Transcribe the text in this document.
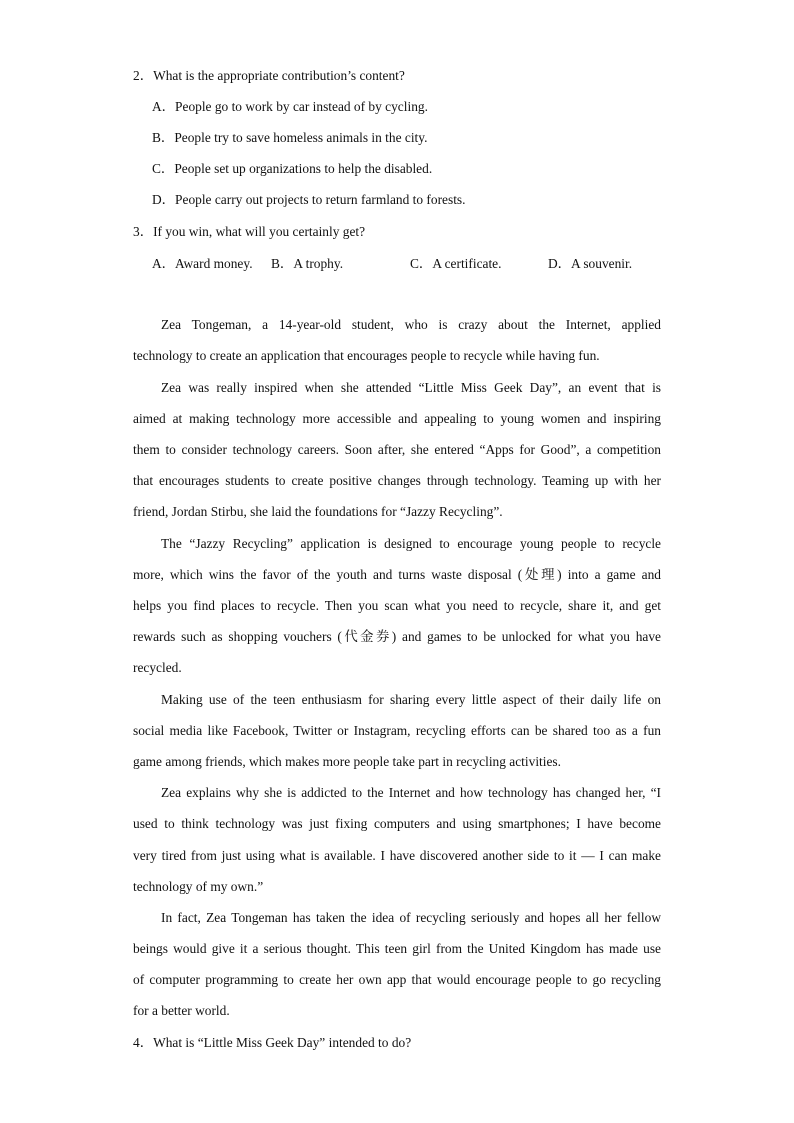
2．What is the appropriate contribution’s content?
A．People go to work by car instead of by cycling.
B．People try to save homeless animals in the city.
C．People set up organizations to help the disabled.
D．People carry out projects to return farmland to forests.
3．If you win, what will you certainly get?
A．Award money. B．A trophy.	C．A certificate.	D．A souvenir.
Zea Tongeman, a 14-year-old student, who is crazy about the Internet, applied
technology to create an application that encourages people to recycle while having fun.
Zea was really inspired when she attended “Little Miss Geek Day”, an event that is
aimed at making technology more accessible and appealing to young women and inspiring
them to consider technology careers. Soon after, she entered “Apps for Good”, a competition
that encourages students to create positive changes through technology. Teaming up with her
friend, Jordan Stirbu, she laid the foundations for “Jazzy Recycling”.
The “Jazzy Recycling” application is designed to encourage young people to recycle
more, which wins the favor of the youth and turns waste disposal (处理) into a game and
helps you find places to recycle. Then you scan what you need to recycle, share it, and get
rewards such as shopping vouchers (代金券) and games to be unlocked for what you have
recycled.
Making use of the teen enthusiasm for sharing every little aspect of their daily life on
social media like Facebook, Twitter or Instagram, recycling efforts can be shared too as a fun
game among friends, which makes more people take part in recycling activities.
Zea explains why she is addicted to the Internet and how technology has changed her, “I
used to think technology was just fixing computers and using smartphones; I have become
very tired from just using what is available. I have discovered another side to it — I can make
technology of my own.”
In fact, Zea Tongeman has taken the idea of recycling seriously and hopes all her fellow
beings would give it a serious thought. This teen girl from the United Kingdom has made use
of computer programming to create her own app that would encourage people to go recycling
for a better world.
4．What is “Little Miss Geek Day” intended to do?
